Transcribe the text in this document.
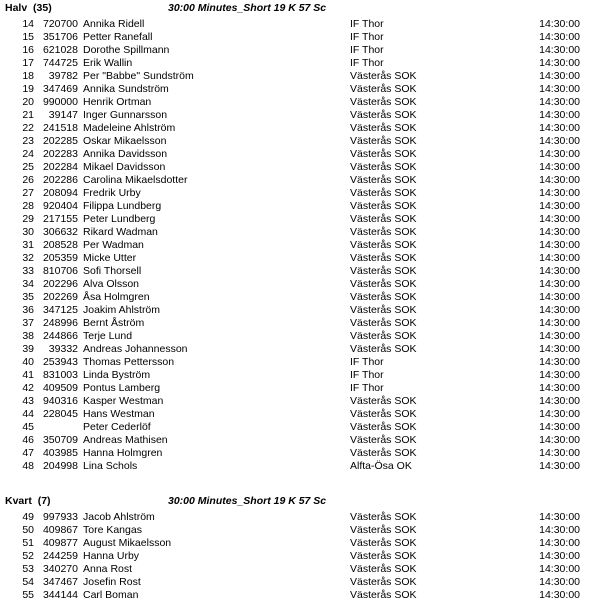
Halv (35)	30:00 Minutes_Short 19 K 57 Sc
14 720700 Annika Ridell	IF Thor	14:30:00
15 351706 Petter Ranefall	IF Thor	14:30:00
16 621028 Dorothe Spillmann	IF Thor	14:30:00
17 744725 Erik Wallin	IF Thor	14:30:00
18	39782 Per "Babbe" Sundström	Västerås SOK	14:30:00
19 347469 Annika Sundström	Västerås SOK	14:30:00
20 990000 Henrik Ortman	Västerås SOK	14:30:00
21	39147 Inger Gunnarsson	Västerås SOK	14:30:00
22 241518 Madeleine Ahlström	Västerås SOK	14:30:00
23 202285 Oskar Mikaelsson	Västerås SOK	14:30:00
24 202283 Annika Davidsson	Västerås SOK	14:30:00
25 202284 Mikael Davidsson	Västerås SOK	14:30:00
26 202286 Carolina Mikaelsdotter	Västerås SOK	14:30:00
27 208094 Fredrik Urby	Västerås SOK	14:30:00
28 920404 Filippa Lundberg	Västerås SOK	14:30:00
29 217155 Peter Lundberg	Västerås SOK	14:30:00
30 306632 Rikard Wadman	Västerås SOK	14:30:00
31 208528 Per Wadman	Västerås SOK	14:30:00
32 205359 Micke Utter	Västerås SOK	14:30:00
33 810706 Sofi Thorsell	Västerås SOK	14:30:00
34 202296 Alva Olsson	Västerås SOK	14:30:00
35 202269 Åsa Holmgren	Västerås SOK	14:30:00
36 347125 Joakim Ahlström	Västerås SOK	14:30:00
37 248996 Bernt Åström	Västerås SOK	14:30:00
38 244866 Terje Lund	Västerås SOK	14:30:00
39	39332 Andreas Johannesson	Västerås SOK	14:30:00
40 253943 Thomas Pettersson	IF Thor	14:30:00
41 831003 Linda Byström	IF Thor	14:30:00
42 409509 Pontus Lamberg	IF Thor	14:30:00
43 940316 Kasper Westman	Västerås SOK	14:30:00
44 228045 Hans Westman	Västerås SOK	14:30:00
45	Peter Cederlöf	Västerås SOK	14:30:00
46 350709 Andreas Mathisen	Västerås SOK	14:30:00
47 403985 Hanna Holmgren	Västerås SOK	14:30:00
48 204998 Lina Schols	Alfta-Ösa OK	14:30:00
Kvart (7)	30:00 Minutes_Short 19 K 57 Sc
49 997933 Jacob Ahlström	Västerås SOK	14:30:00
50 409867 Tore Kangas	Västerås SOK	14:30:00
51 409877 August Mikaelsson	Västerås SOK	14:30:00
52 244259 Hanna Urby	Västerås SOK	14:30:00
53 340270 Anna Rost	Västerås SOK	14:30:00
54 347467 Josefin Rost	Västerås SOK	14:30:00
55 344144 Carl Boman	Västerås SOK	14:30:00
